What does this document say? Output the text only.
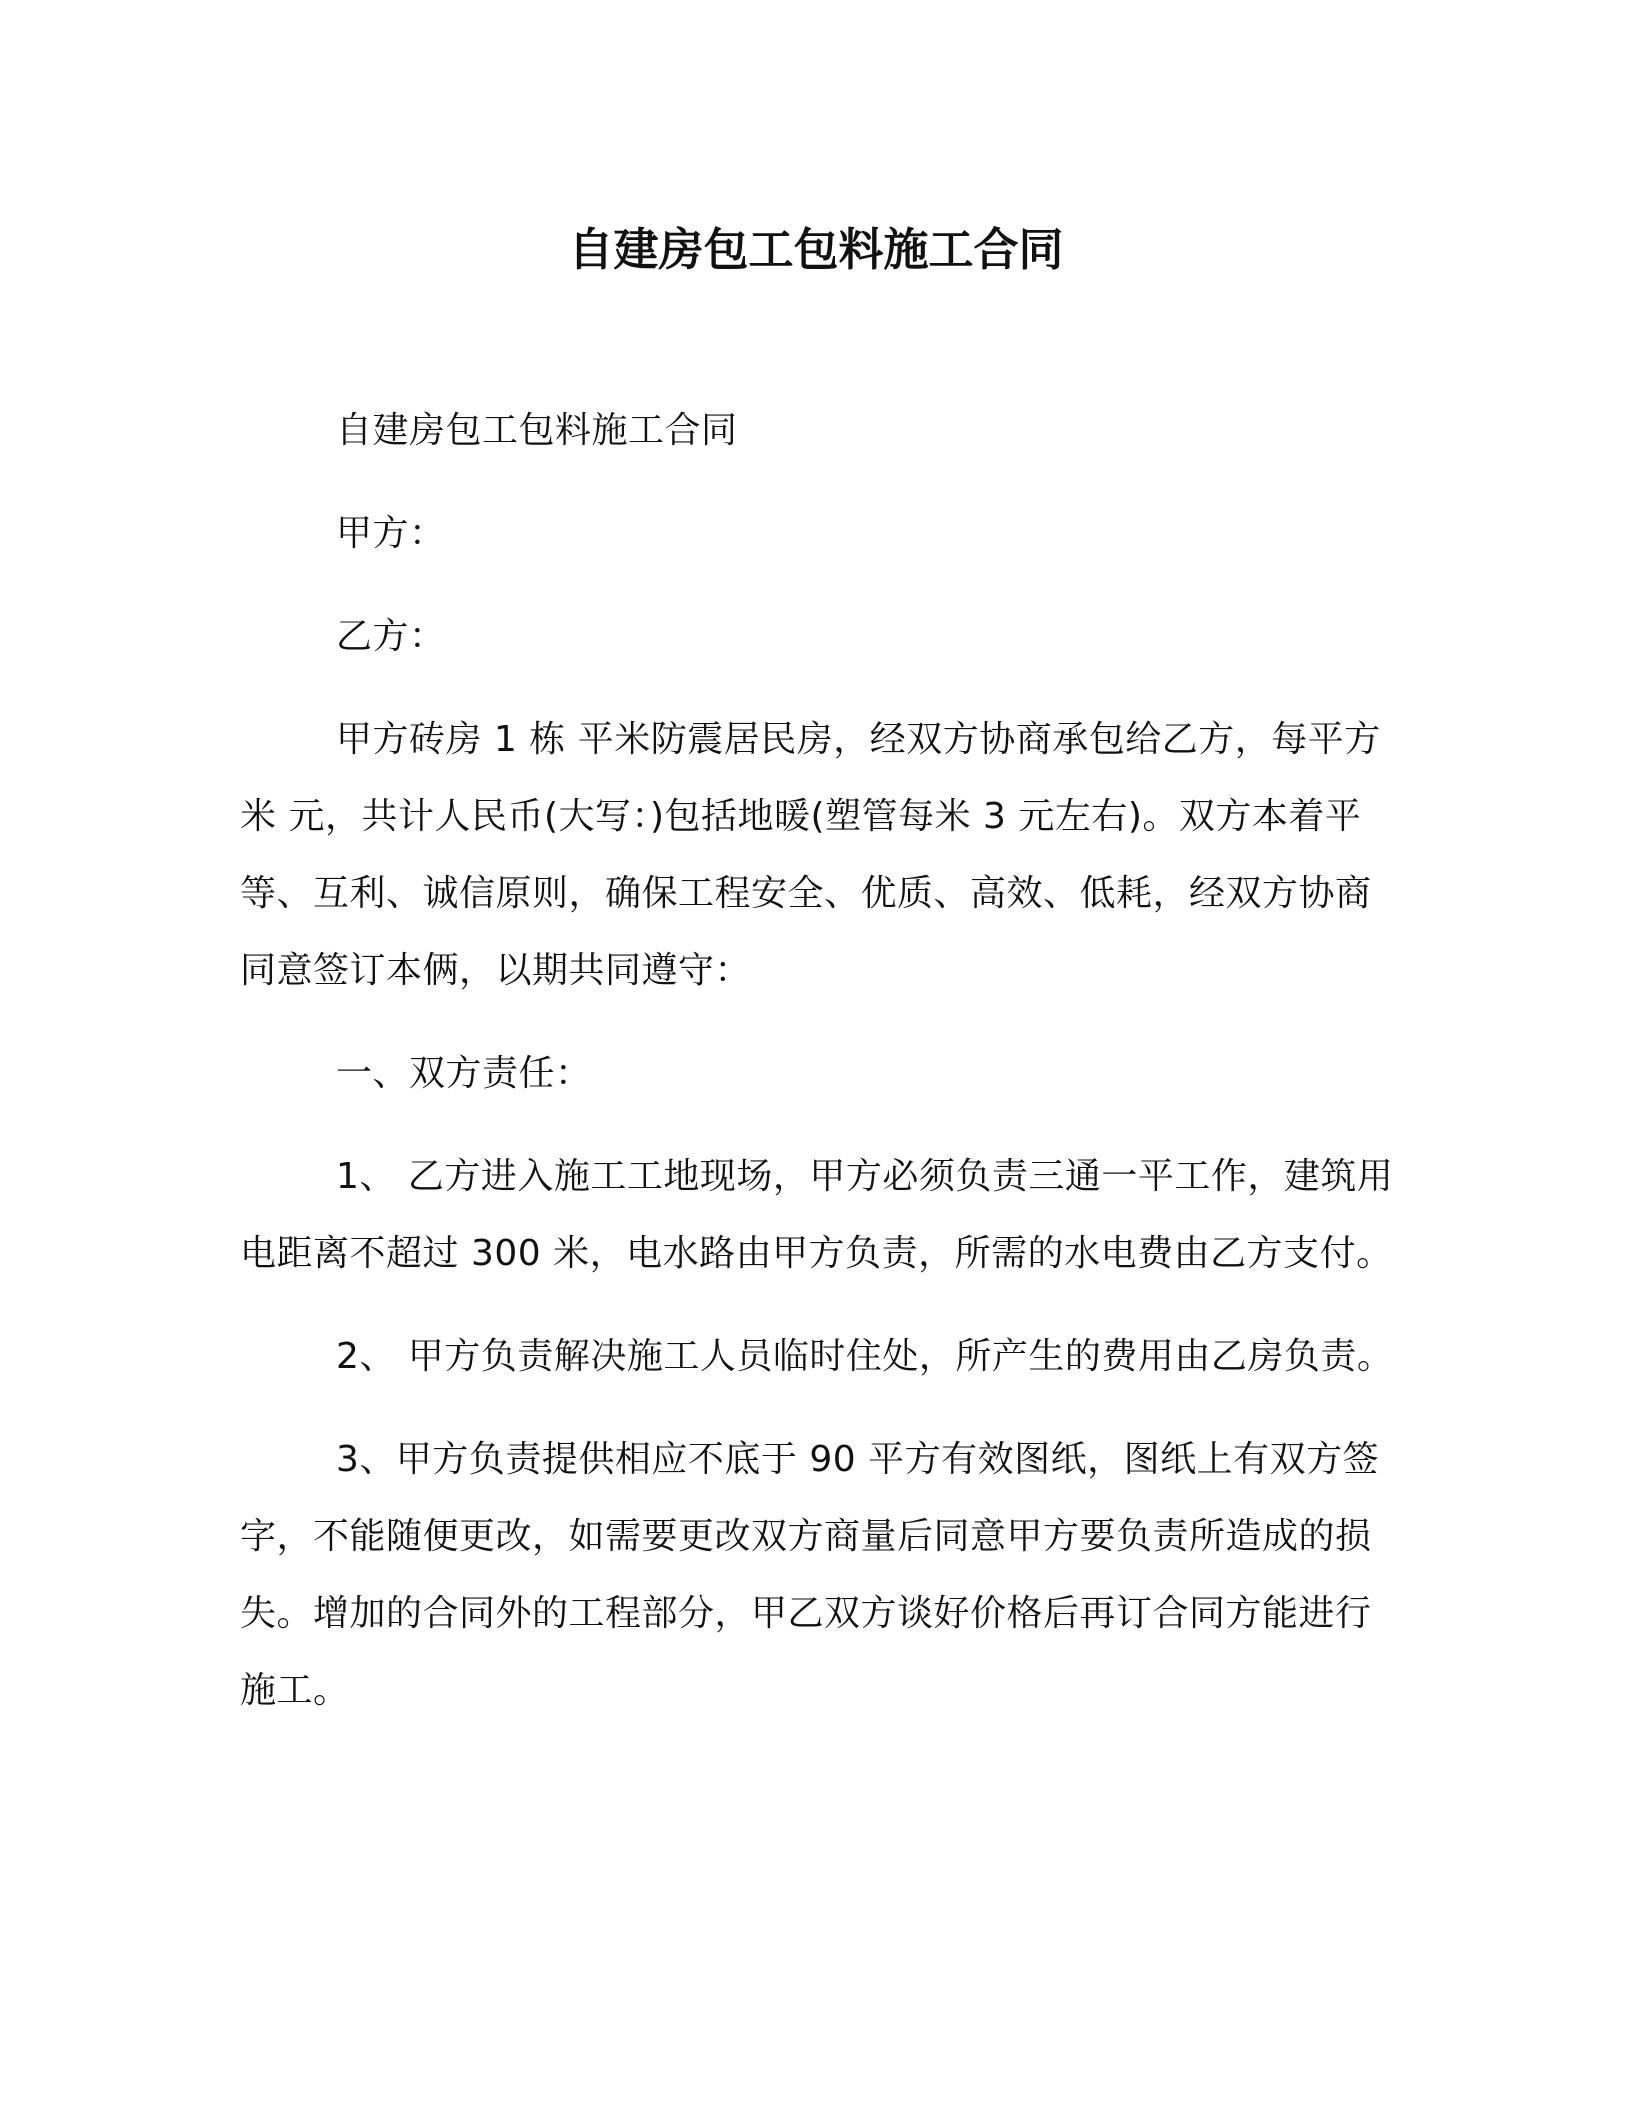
自建房包工包料施工合同

自建房包工包料施工合同

甲方：

乙方：

甲方砖房 1 栋 平米防震居民房，经双方协商承包给乙方，每平方米 元，共计人民币(大写：)包括地暖(塑管每米 3 元左右)。双方本着平等、互利、诚信原则，确保工程安全、优质、高效、低耗，经双方协商同意签订本俩，以期共同遵守：

一、双方责任：

1、 乙方进入施工工地现场，甲方必须负责三通一平工作，建筑用电距离不超过 300 米，电水路由甲方负责，所需的水电费由乙方支付。

2、 甲方负责解决施工人员临时住处，所产生的费用由乙房负责。

3、甲方负责提供相应不底于 90 平方有效图纸，图纸上有双方签字，不能随便更改，如需要更改双方商量后同意甲方要负责所造成的损失。增加的合同外的工程部分，甲乙双方谈好价格后再订合同方能进行施工。
